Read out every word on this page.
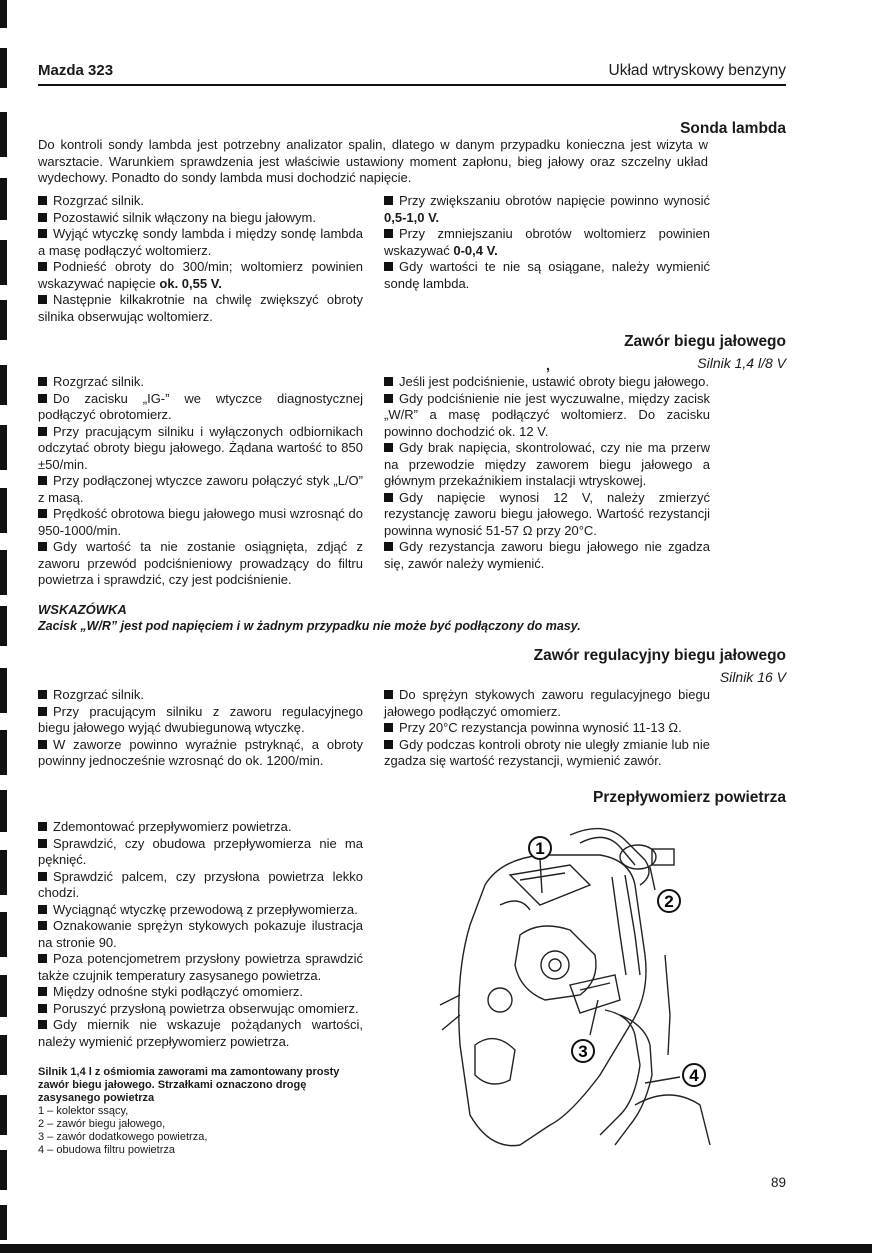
Mazda 323	Układ wtryskowy benzyny
Sonda lambda
Do kontroli sondy lambda jest potrzebny analizator spalin, dlatego w danym przypadku konieczna jest wizyta w warsztacie. Warunkiem sprawdzenia jest właściwie ustawiony moment zapłonu, bieg jałowy oraz szczelny układ wydechowy. Ponadto do sondy lambda musi dochodzić napięcie.

Rozgrzać silnik.

Pozostawić silnik włączony na biegu jałowym.

Wyjąć wtyczkę sondy lambda i między sondę lambda a masę podłączyć woltomierz.

Podnieść obroty do 300/min; woltomierz powinien wskazywać napięcie ok. 0,55 V.

Następnie kilkakrotnie na chwilę zwiększyć obroty silnika obserwując woltomierz.

Przy zwiększaniu obrotów napięcie powinno wynosić 0,5-1,0 V.

Przy zmniejszaniu obrotów woltomierz powinien wskazywać 0-0,4 V.

Gdy wartości te nie są osiągane, należy wymienić sondę lambda.

Zawór biegu jałowego
,	Silnik 1,4 l/8 V

Rozgrzać silnik.

Do zacisku „IG-” we wtyczce diagnostycznej podłączyć obrotomierz.

Przy pracującym silniku i wyłączonych odbiornikach odczytać obroty biegu jałowego. Żądana wartość to 850 ±50/min.

Przy podłączonej wtyczce zaworu połączyć styk „L/O” z masą.

Prędkość obrotowa biegu jałowego musi wzrosnąć do 950-1000/min.

Gdy wartość ta nie zostanie osiągnięta, zdjąć z zaworu przewód podciśnieniowy prowadzący do filtru powietrza i sprawdzić, czy jest podciśnienie.

Jeśli jest podciśnienie, ustawić obroty biegu jałowego.

Gdy podciśnienie nie jest wyczuwalne, między zacisk „W/R” a masę podłączyć woltomierz. Do zacisku powinno dochodzić ok. 12 V.

Gdy brak napięcia, skontrolować, czy nie ma przerw na przewodzie między zaworem biegu jałowego a głównym przekaźnikiem instalacji wtryskowej.

Gdy napięcie wynosi 12 V, należy zmierzyć rezystancję zaworu biegu jałowego. Wartość rezystancji powinna wynosić 51-57 Ω przy 20°C.

Gdy rezystancja zaworu biegu jałowego nie zgadza się, zawór należy wymienić.

WSKAZÓWKA
Zacisk „W/R” jest pod napięciem i w żadnym przypadku nie może być podłączony do masy.
Zawór regulacyjny biegu jałowego
Silnik 16 V

Rozgrzać silnik.

Przy pracującym silniku z zaworu regulacyjnego biegu jałowego wyjąć dwubiegunową wtyczkę.

W zaworze powinno wyraźnie pstryknąć, a obroty powinny jednocześnie wzrosnąć do ok. 1200/min.

Do sprężyn stykowych zaworu regulacyjnego biegu jałowego podłączyć omomierz.

Przy 20°C rezystancja powinna wynosić 11-13 Ω.

Gdy podczas kontroli obroty nie uległy zmianie lub nie zgadza się wartość rezystancji, wymienić zawór.

Przepływomierz powietrza

Zdemontować przepływomierz powietrza.

Sprawdzić, czy obudowa przepływomierza nie ma pęknięć.

Sprawdzić palcem, czy przysłona powietrza lekko chodzi.

Wyciągnąć wtyczkę przewodową z przepływomierza.

Oznakowanie sprężyn stykowych pokazuje ilustracja na stronie 90.

Poza potencjometrem przysłony powietrza sprawdzić także czujnik temperatury zasysanego powietrza.

Między odnośne styki podłączyć omomierz.

Poruszyć przysłoną powietrza obserwując omomierz.

Gdy miernik nie wskazuje pożądanych wartości, należy wymienić przepływomierz powietrza.

Silnik 1,4 l z ośmiomia zaworami ma zamontowany prosty zawór biegu jałowego. Strzałkami oznaczono drogę zasysanego powietrza
1 – kolektor ssący,
2 – zawór biegu jałowego,
3 – zawór dodatkowego powietrza,
4 – obudowa filtru powietrza
1
2
3
4
89
